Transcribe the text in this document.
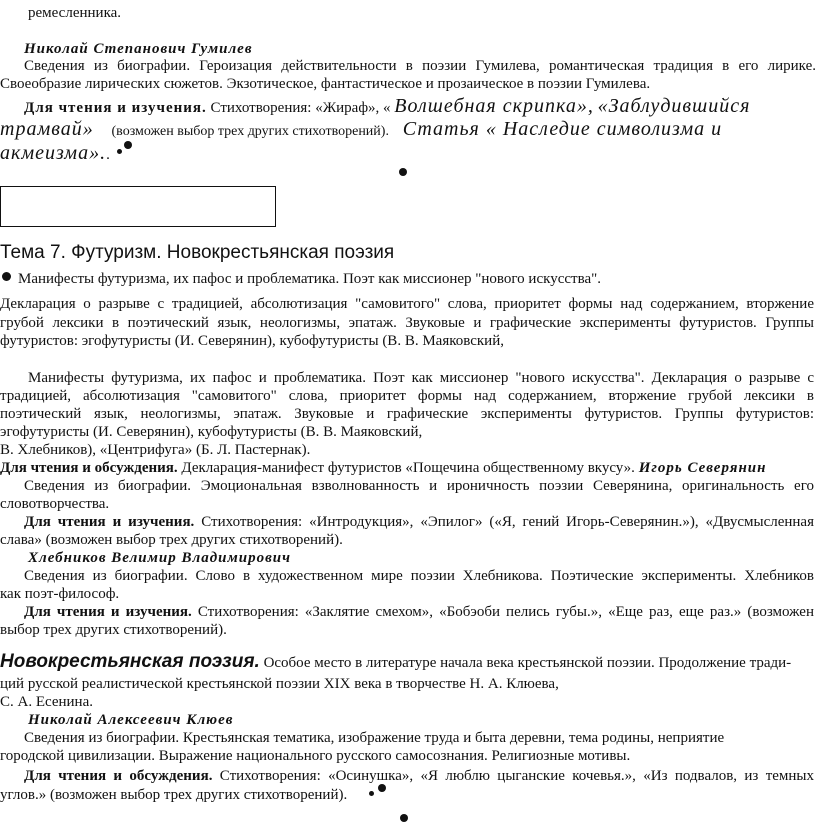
ремесленника.
Николай Степанович Гумилев
Сведения из биографии. Героизация действительности в поэзии Гумилева, романтическая традиция в его лирике.
Своеобразие лирических сюжетов. Экзотическое, фантастическое и прозаическое в поэзии Гумилева.
Для чтения и изучения. Стихотворения: «Жираф», « Волшебная скрипка», «Заблудившийся
трамвай» (возможен выбор трех других стихотворений). Статья « Наследие символизма и
акмеизма»..
Тема 7. Футуризм. Новокрестьянская поэзия
Манифесты футуризма, их пафос и проблематика. Поэт как миссионер "нового искусства".
Декларация о разрыве с традицией, абсолютизация "самовитого" слова, приоритет формы над содержанием, вторжение
грубой лексики в поэтический язык, неологизмы, эпатаж. Звуковые и графические эксперименты футуристов. Группы
футуристов: эгофутуристы (И. Северянин), кубофутуристы (В. В. Маяковский,
Манифесты футуризма, их пафос и проблематика. Поэт как миссионер "нового искусства". Декларация о разрыве с
традицией, абсолютизация "самовитого" слова, приоритет формы над содержанием, вторжение грубой лексики в
поэтический язык, неологизмы, эпатаж. Звуковые и графические эксперименты футуристов. Группы футуристов:
эгофутуристы (И. Северянин), кубофутуристы (В. В. Маяковский,
В. Хлебников), «Центрифуга» (Б. Л. Пастернак).
Для чтения и обсуждения. Декларация-манифест футуристов «Пощечина общественному вкусу». Игорь Северянин
Сведения из биографии. Эмоциональная взволнованность и ироничность поэзии Северянина, оригинальность его
словотворчества.
Для чтения и изучения. Стихотворения: «Интродукция», «Эпилог» («Я, гений Игорь-Северянин.»), «Двусмысленная
слава» (возможен выбор трех других стихотворений).
Хлебников Велимир Владимирович
Сведения из биографии. Слово в художественном мире поэзии Хлебникова. Поэтические эксперименты. Хлебников
как поэт-философ.
Для чтения и изучения. Стихотворения: «Заклятие смехом», «Бобэоби пелись губы.», «Еще раз, еще раз.» (возможен
выбор трех других стихотворений).
Новокрестьянская поэзия. Особое место в литературе начала века крестьянской поэзии. Продолжение тради-
ций русской реалистической крестьянской поэзии XIX века в творчестве Н. А. Клюева,
С. А. Есенина.
Николай Алексеевич Клюев
Сведения из биографии. Крестьянская тематика, изображение труда и быта деревни, тема родины, неприятие
городской цивилизации. Выражение национального русского самосознания. Религиозные мотивы.
Для чтения и обсуждения. Стихотворения: «Осинушка», «Я люблю цыганские кочевья.», «Из подвалов, из темных
углов.» (возможен выбор трех других стихотворений).
